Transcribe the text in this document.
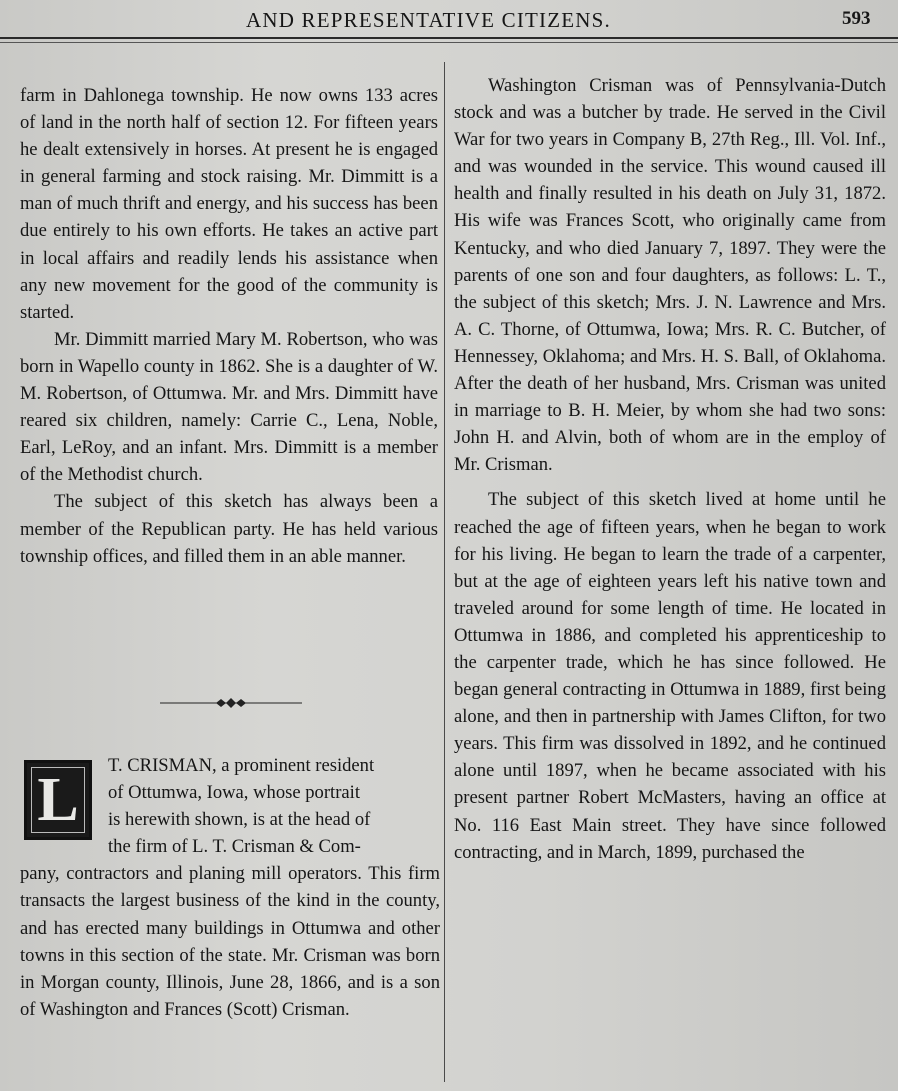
AND REPRESENTATIVE CITIZENS.	593

farm in Dahlonega township. He now owns 133 acres of land in the north half of section 12. For fifteen years he dealt extensively in horses. At present he is engaged in general farming and stock raising. Mr. Dimmitt is a man of much thrift and energy, and his success has been due entirely to his own efforts. He takes an active part in local affairs and readily lends his assistance when any new movement for the good of the community is started.

Mr. Dimmitt married Mary M. Robertson, who was born in Wapello county in 1862. She is a daughter of W. M. Robertson, of Ottumwa. Mr. and Mrs. Dimmitt have reared six children, namely: Carrie C., Lena, Noble, Earl, LeRoy, and an infant. Mrs. Dimmitt is a member of the Methodist church.

The subject of this sketch has always been a member of the Republican party. He has held various township offices, and filled them in an able manner.

L
T. CRISMAN, a prominent resident
of Ottumwa, Iowa, whose portrait
is herewith shown, is at the head of
the firm of L. T. Crisman & Com-
pany, contractors and planing mill operators. This firm transacts the largest business of the kind in the county, and has erected many buildings in Ottumwa and other towns in this section of the state. Mr. Crisman was born in Morgan county, Illinois, June 28, 1866, and is a son of Washington and Frances (Scott) Crisman.

Washington Crisman was of Pennsylvania-Dutch stock and was a butcher by trade. He served in the Civil War for two years in Company B, 27th Reg., Ill. Vol. Inf., and was wounded in the service. This wound caused ill health and finally resulted in his death on July 31, 1872. His wife was Frances Scott, who originally came from Kentucky, and who died January 7, 1897. They were the parents of one son and four daughters, as follows: L. T., the subject of this sketch; Mrs. J. N. Lawrence and Mrs. A. C. Thorne, of Ottumwa, Iowa; Mrs. R. C. Butcher, of Hennessey, Oklahoma; and Mrs. H. S. Ball, of Oklahoma. After the death of her husband, Mrs. Crisman was united in marriage to B. H. Meier, by whom she had two sons: John H. and Alvin, both of whom are in the employ of Mr. Crisman.

The subject of this sketch lived at home until he reached the age of fifteen years, when he began to work for his living. He began to learn the trade of a carpenter, but at the age of eighteen years left his native town and traveled around for some length of time. He located in Ottumwa in 1886, and completed his apprenticeship to the carpenter trade, which he has since followed. He began general contracting in Ottumwa in 1889, first being alone, and then in partnership with James Clifton, for two years. This firm was dissolved in 1892, and he continued alone until 1897, when he became associated with his present partner Robert McMasters, having an office at No. 116 East Main street. They have since followed contracting, and in March, 1899, purchased the
